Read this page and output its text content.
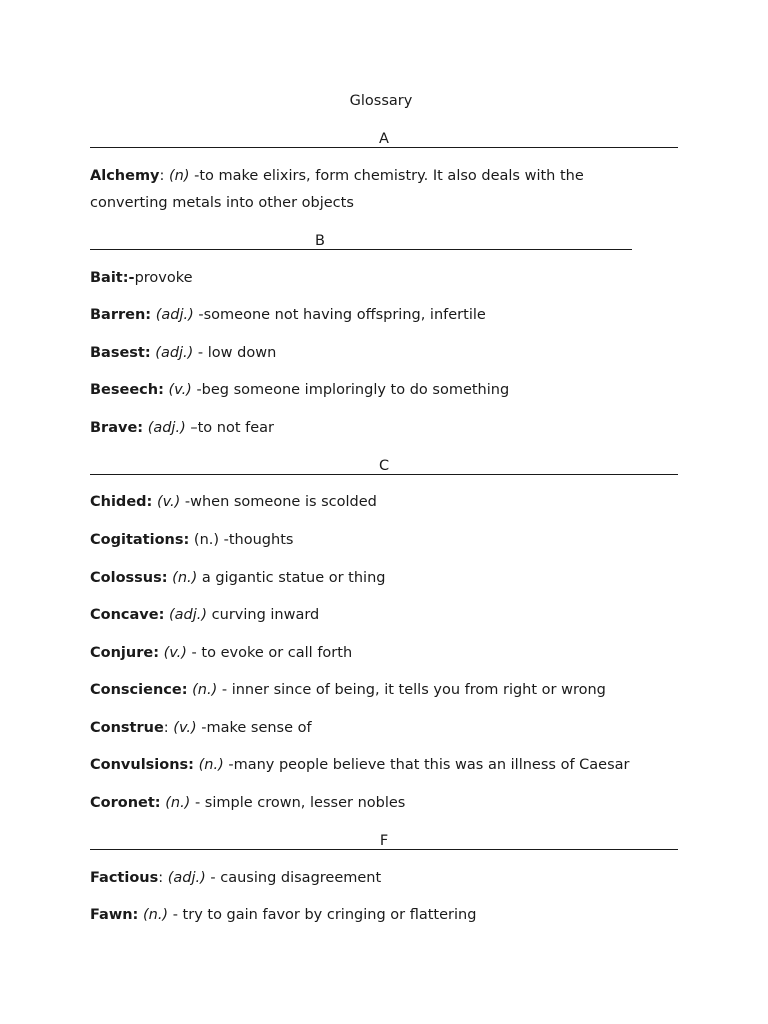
Glossary
A
Alchemy: (n) -to make elixirs, form chemistry. It also deals with the converting metals into other objects
B
Bait:-provoke
Barren: (adj.) -someone not having offspring, infertile
Basest: (adj.) - low down
Beseech: (v.) -beg someone imploringly to do something
Brave: (adj.) –to not fear
C
Chided: (v.) -when someone is scolded
Cogitations: (n.) -thoughts
Colossus: (n.) a gigantic statue or thing
Concave: (adj.) curving inward
Conjure: (v.) - to evoke or call forth
Conscience: (n.) - inner since of being, it tells you from right or wrong
Construe: (v.) -make sense of
Convulsions: (n.) -many people believe that this was an illness of Caesar
Coronet: (n.) - simple crown, lesser nobles
F
Factious: (adj.) - causing disagreement
Fawn: (n.) - try to gain favor by cringing or flattering
